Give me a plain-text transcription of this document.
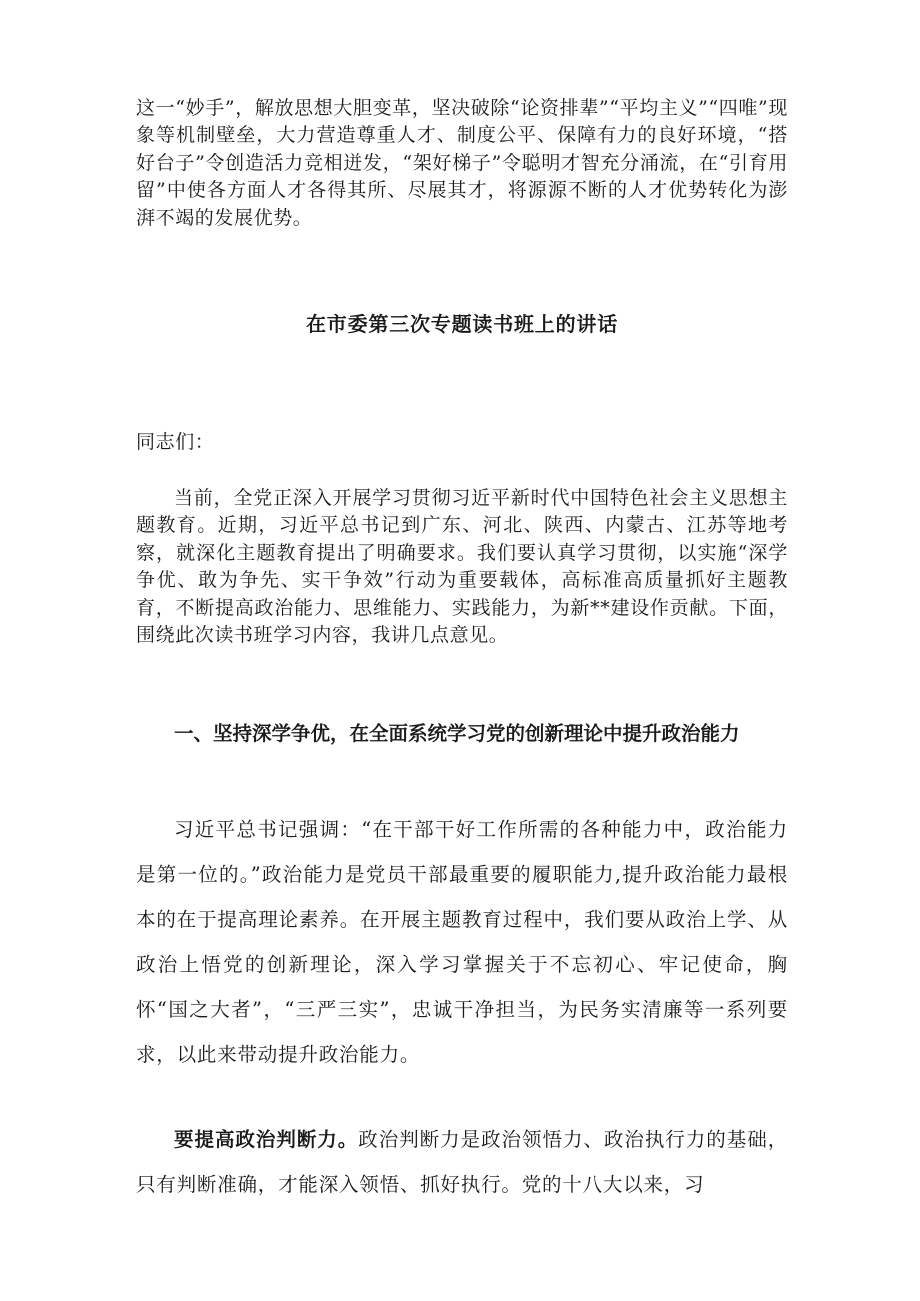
这一“妙手”，解放思想大胆变革，坚决破除“论资排辈”“平均主义”“四唯”现象等机制壁垒，大力营造尊重人才、制度公平、保障有力的良好环境，“搭好台子”令创造活力竞相迸发，“架好梯子”令聪明才智充分涌流，在“引育用留”中使各方面人才各得其所、尽展其才，将源源不断的人才优势转化为澎湃不竭的发展优势。

在市委第三次专题读书班上的讲话

同志们：

当前，全党正深入开展学习贯彻习近平新时代中国特色社会主义思想主题教育。近期，习近平总书记到广东、河北、陕西、内蒙古、江苏等地考察，就深化主题教育提出了明确要求。我们要认真学习贯彻，以实施“深学争优、敢为争先、实干争效”行动为重要载体，高标准高质量抓好主题教育，不断提高政治能力、思维能力、实践能力，为新**建设作贡献。下面，围绕此次读书班学习内容，我讲几点意见。

一、坚持深学争优，在全面系统学习党的创新理论中提升政治能力

习近平总书记强调：“在干部干好工作所需的各种能力中，政治能力是第一位的。”政治能力是党员干部最重要的履职能力,提升政治能力最根本的在于提高理论素养。在开展主题教育过程中，我们要从政治上学、从政治上悟党的创新理论，深入学习掌握关于不忘初心、牢记使命，胸怀“国之大者”，“三严三实”，忠诚干净担当，为民务实清廉等一系列要求，以此来带动提升政治能力。

要提高政治判断力。政治判断力是政治领悟力、政治执行力的基础，只有判断准确，才能深入领悟、抓好执行。党的十八大以来，习
